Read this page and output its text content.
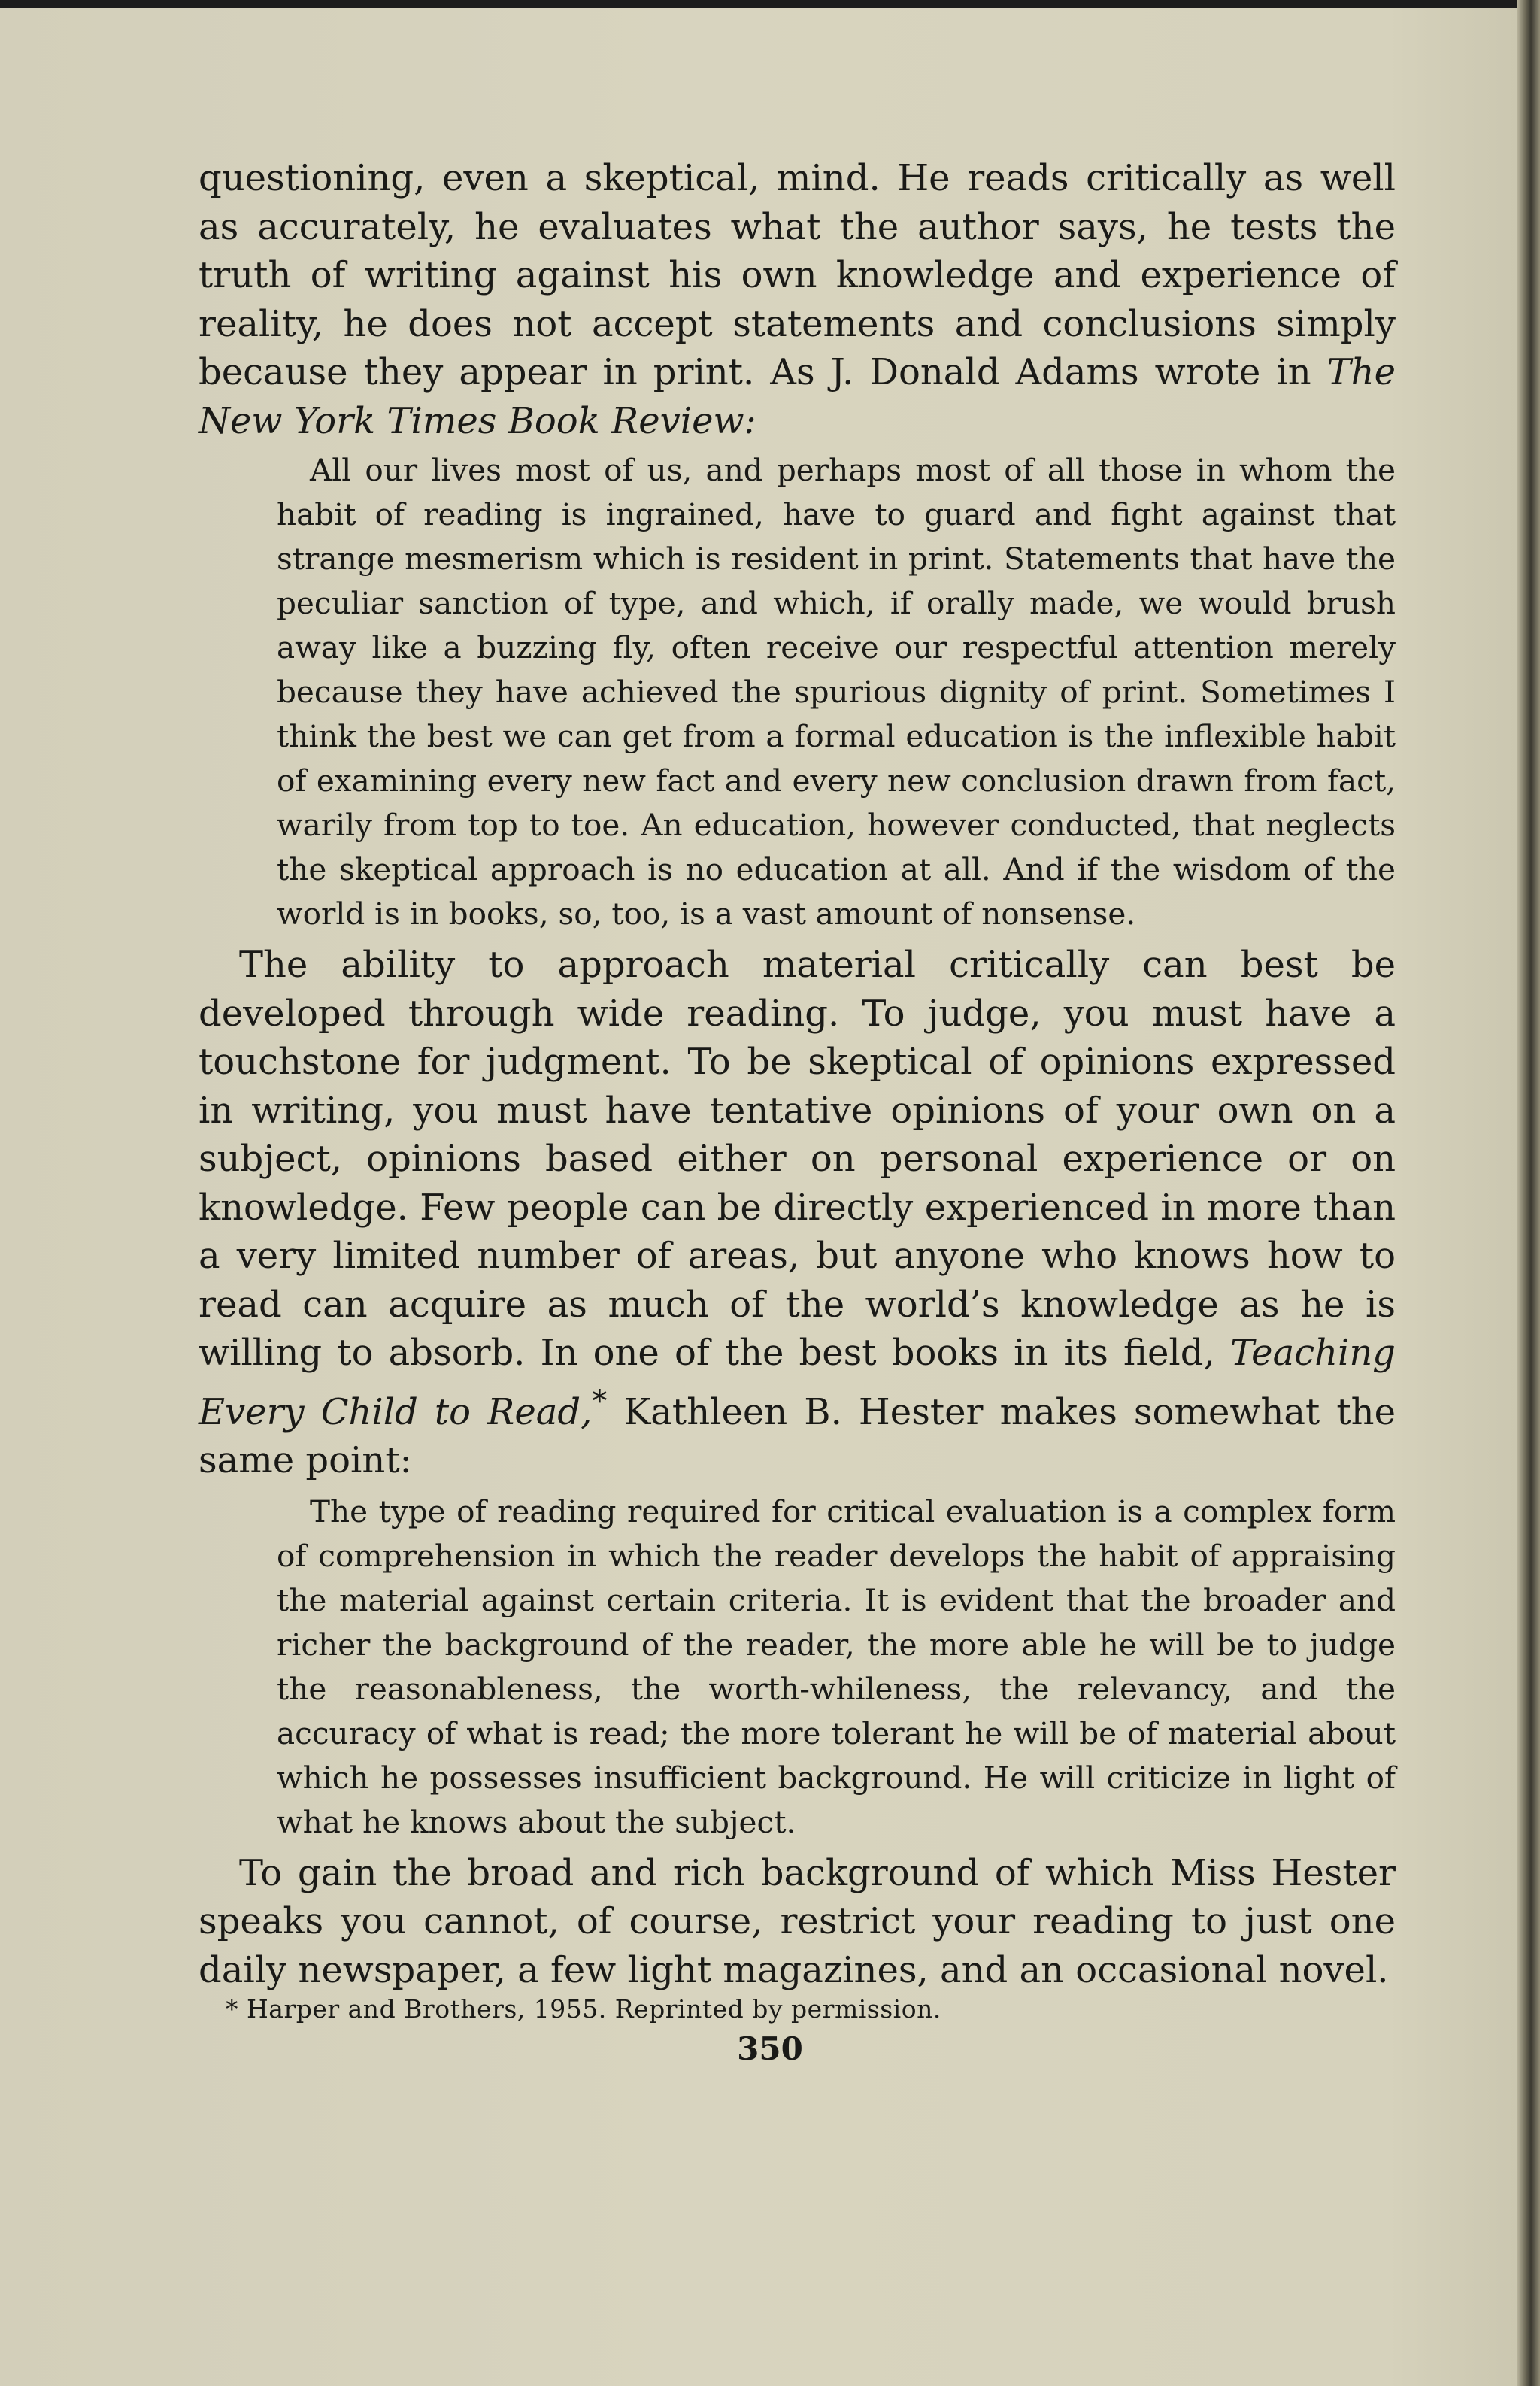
questioning, even a skeptical, mind. He reads critically as well as accurately, he evaluates what the author says, he tests the truth of writing against his own knowledge and experience of reality, he does not accept statements and conclusions simply because they appear in print. As J. Donald Adams wrote in The New York Times Book Review:

All our lives most of us, and perhaps most of all those in whom the habit of reading is ingrained, have to guard and fight against that strange mesmerism which is resident in print. Statements that have the peculiar sanction of type, and which, if orally made, we would brush away like a buzzing fly, often receive our respectful attention merely because they have achieved the spurious dignity of print. Sometimes I think the best we can get from a formal education is the inflexible habit of examining every new fact and every new conclusion drawn from fact, warily from top to toe. An education, however conducted, that neglects the skeptical approach is no education at all. And if the wisdom of the world is in books, so, too, is a vast amount of nonsense.

The ability to approach material critically can best be developed through wide reading. To judge, you must have a touchstone for judgment. To be skeptical of opinions expressed in writing, you must have tentative opinions of your own on a subject, opinions based either on personal experience or on knowledge. Few people can be directly experienced in more than a very limited number of areas, but anyone who knows how to read can acquire as much of the world’s knowledge as he is willing to absorb. In one of the best books in its field, Teaching Every Child to Read,* Kathleen B. Hester makes somewhat the same point:

The type of reading required for critical evaluation is a complex form of comprehension in which the reader develops the habit of appraising the material against certain criteria. It is evident that the broader and richer the background of the reader, the more able he will be to judge the reasonableness, the worth-whileness, the relevancy, and the accuracy of what is read; the more tolerant he will be of material about which he possesses insufficient background. He will criticize in light of what he knows about the subject.

To gain the broad and rich background of which Miss Hester speaks you cannot, of course, restrict your reading to just one daily newspaper, a few light magazines, and an occasional novel.

* Harper and Brothers, 1955. Reprinted by permission.
350
